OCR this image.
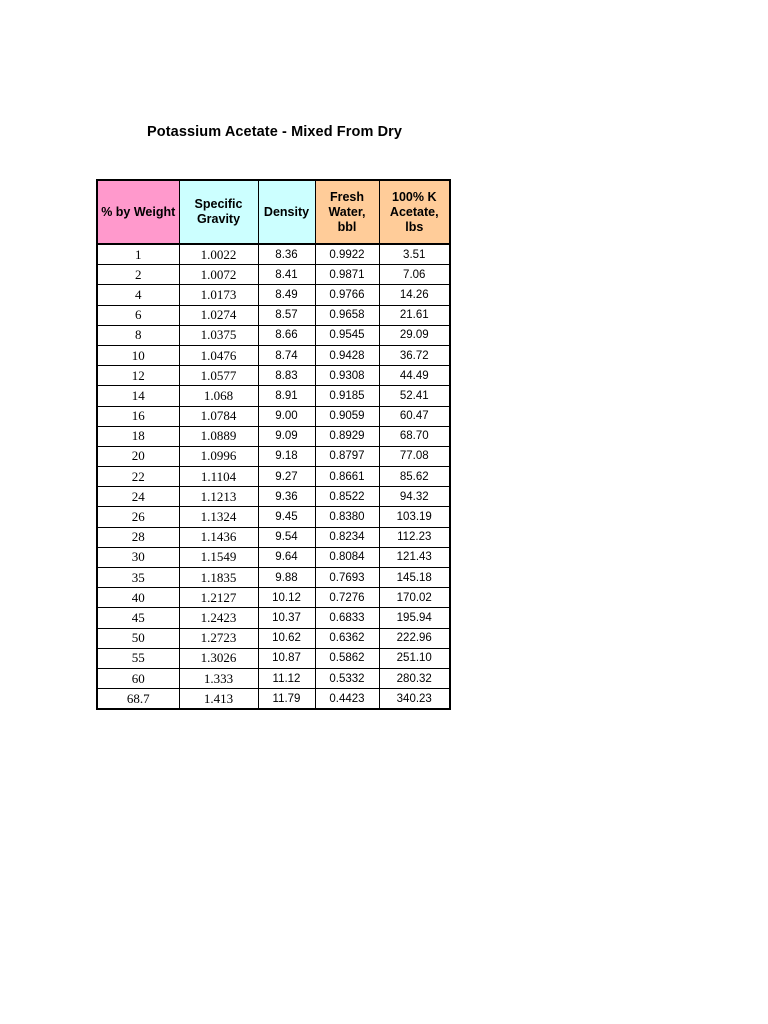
Potassium Acetate - Mixed From Dry
% by Weight	Specific Gravity	Density	Fresh Water, bbl	100% K Acetate, lbs
1	1.0022	8.36	0.9922	3.51
2	1.0072	8.41	0.9871	7.06
4	1.0173	8.49	0.9766	14.26
6	1.0274	8.57	0.9658	21.61
8	1.0375	8.66	0.9545	29.09
10	1.0476	8.74	0.9428	36.72
12	1.0577	8.83	0.9308	44.49
14	1.068	8.91	0.9185	52.41
16	1.0784	9.00	0.9059	60.47
18	1.0889	9.09	0.8929	68.70
20	1.0996	9.18	0.8797	77.08
22	1.1104	9.27	0.8661	85.62
24	1.1213	9.36	0.8522	94.32
26	1.1324	9.45	0.8380	103.19
28	1.1436	9.54	0.8234	112.23
30	1.1549	9.64	0.8084	121.43
35	1.1835	9.88	0.7693	145.18
40	1.2127	10.12	0.7276	170.02
45	1.2423	10.37	0.6833	195.94
50	1.2723	10.62	0.6362	222.96
55	1.3026	10.87	0.5862	251.10
60	1.333	11.12	0.5332	280.32
68.7	1.413	11.79	0.4423	340.23
